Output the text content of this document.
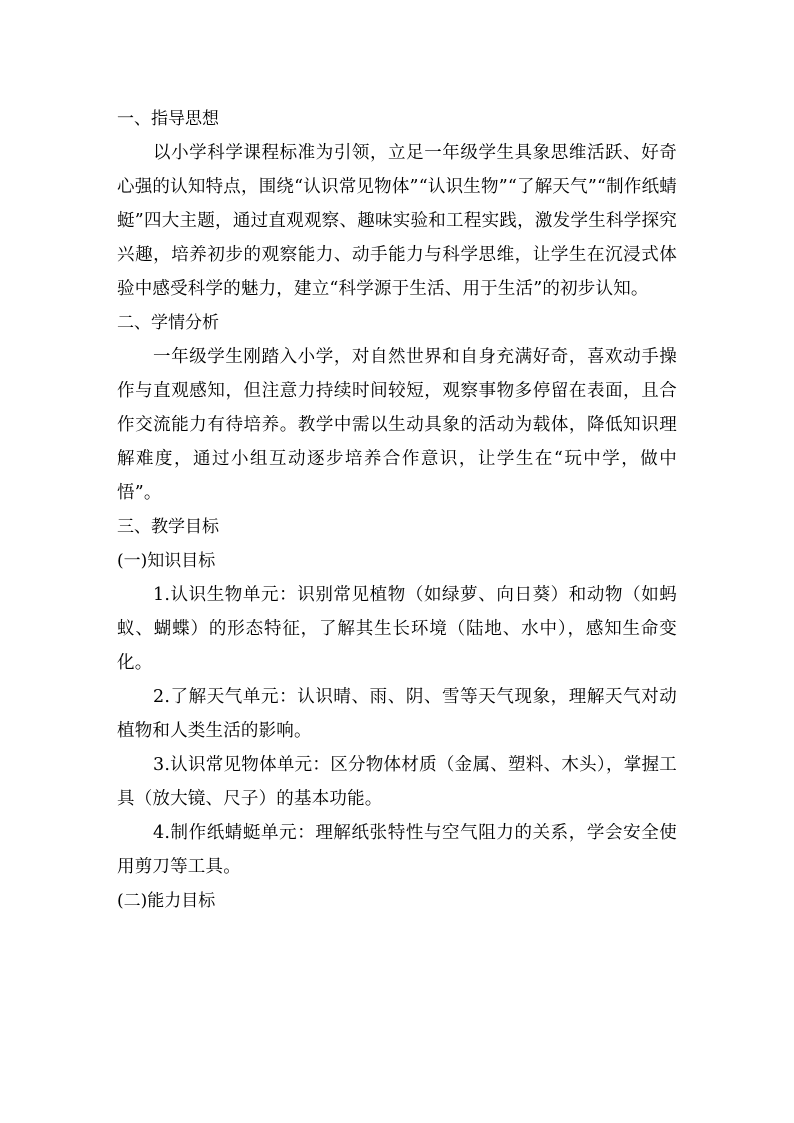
一、指导思想

以小学科学课程标准为引领，立足一年级学生具象思维活跃、好奇心强的认知特点，围绕“认识常见物体”“认识生物”“了解天气”“制作纸蜻蜓”四大主题，通过直观观察、趣味实验和工程实践，激发学生科学探究兴趣，培养初步的观察能力、动手能力与科学思维，让学生在沉浸式体验中感受科学的魅力，建立“科学源于生活、用于生活”的初步认知。

二、学情分析

一年级学生刚踏入小学，对自然世界和自身充满好奇，喜欢动手操作与直观感知，但注意力持续时间较短，观察事物多停留在表面，且合作交流能力有待培养。教学中需以生动具象的活动为载体，降低知识理解难度，通过小组互动逐步培养合作意识，让学生在“玩中学，做中悟”。

三、教学目标
(一)知识目标

1.认识生物单元：识别常见植物（如绿萝、向日葵）和动物（如蚂蚁、蝴蝶）的形态特征，了解其生长环境（陆地、水中），感知生命变化。

2.了解天气单元：认识晴、雨、阴、雪等天气现象，理解天气对动植物和人类生活的影响。

3.认识常见物体单元：区分物体材质（金属、塑料、木头），掌握工具（放大镜、尺子）的基本功能。

4.制作纸蜻蜓单元：理解纸张特性与空气阻力的关系，学会安全使用剪刀等工具。

(二)能力目标
